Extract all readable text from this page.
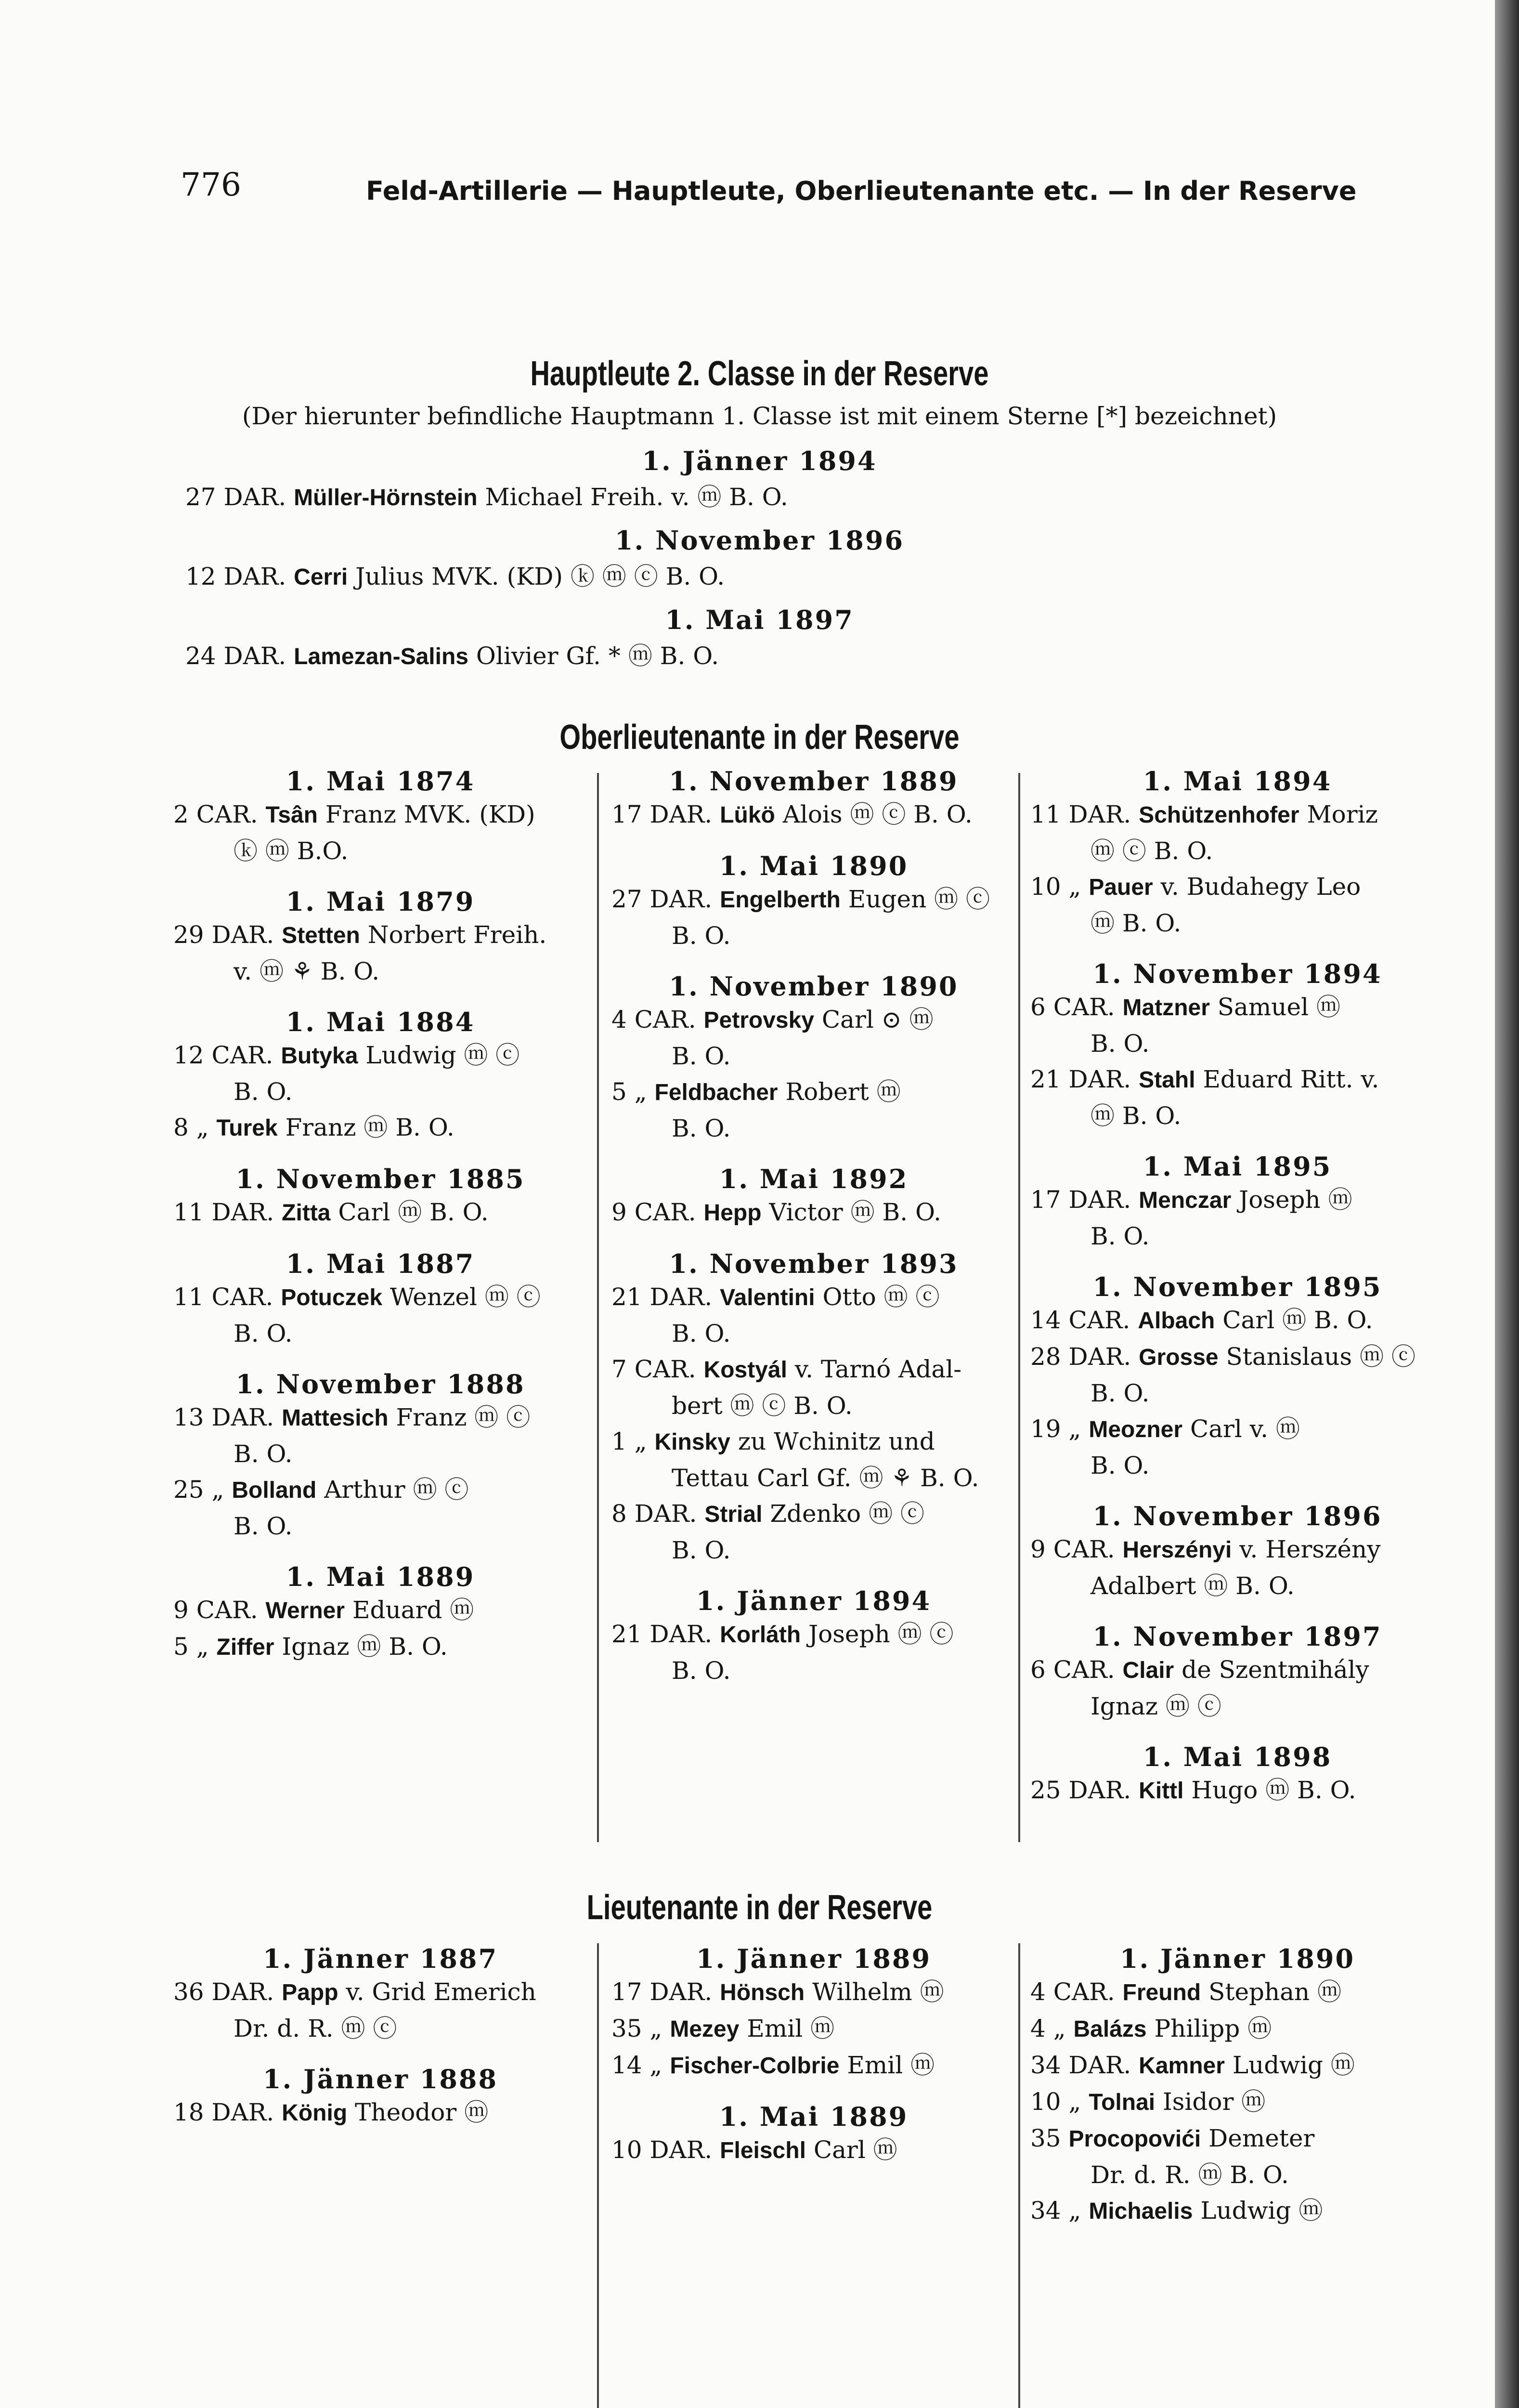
776	Feld-Artillerie — Hauptleute, Oberlieutenante etc. — In der Reserve
Hauptleute 2. Classe in der Reserve
(Der hierunter befindliche Hauptmann 1. Classe ist mit einem Sterne [*] bezeichnet)
1. Jänner 1894
27 DAR. Müller-Hörnstein Michael Freih. v. ⓜ B. O.
1. November 1896
12 DAR. Cerri Julius MVK. (KD) ⓚ ⓜ ⓒ B. O.
1. Mai 1897
24 DAR. Lamezan-Salins Olivier Gf. * ⓜ B. O.
Oberlieutenante in der Reserve
1. Mai 1874
2 CAR. Tsân Franz MVK. (KD)
ⓚ ⓜ B.O.
1. Mai 1879
29 DAR. Stetten Norbert Freih.
v. ⓜ ⚘ B. O.
1. Mai 1884
12 CAR. Butyka Ludwig ⓜ ⓒ
B. O.
8 „ Turek Franz ⓜ B. O.
1. November 1885
11 DAR. Zitta Carl ⓜ B. O.
1. Mai 1887
11 CAR. Potuczek Wenzel ⓜ ⓒ
B. O.
1. November 1888
13 DAR. Mattesich Franz ⓜ ⓒ
B. O.
25 „ Bolland Arthur ⓜ ⓒ
B. O.
1. Mai 1889
9 CAR. Werner Eduard ⓜ
5 „ Ziffer Ignaz ⓜ B. O.
1. November 1889
17 DAR. Lükö Alois ⓜ ⓒ B. O.
1. Mai 1890
27 DAR. Engelberth Eugen ⓜ ⓒ
B. O.
1. November 1890
4 CAR. Petrovsky Carl ⊙ ⓜ
B. O.
5 „ Feldbacher Robert ⓜ
B. O.
1. Mai 1892
9 CAR. Hepp Victor ⓜ B. O.
1. November 1893
21 DAR. Valentini Otto ⓜ ⓒ
B. O.
7 CAR. Kostyál v. Tarnó Adal-
bert ⓜ ⓒ B. O.
1 „ Kinsky zu Wchinitz und
Tettau Carl Gf. ⓜ ⚘ B. O.
8 DAR. Strial Zdenko ⓜ ⓒ
B. O.
1. Jänner 1894
21 DAR. Korláth Joseph ⓜ ⓒ
B. O.
1. Mai 1894
11 DAR. Schützenhofer Moriz
ⓜ ⓒ B. O.
10 „ Pauer v. Budahegy Leo
ⓜ B. O.
1. November 1894
6 CAR. Matzner Samuel ⓜ
B. O.
21 DAR. Stahl Eduard Ritt. v.
ⓜ B. O.
1. Mai 1895
17 DAR. Menczar Joseph ⓜ
B. O.
1. November 1895
14 CAR. Albach Carl ⓜ B. O.
28 DAR. Grosse Stanislaus ⓜ ⓒ
B. O.
19 „ Meozner Carl v. ⓜ
B. O.
1. November 1896
9 CAR. Herszényi v. Herszény
Adalbert ⓜ B. O.
1. November 1897
6 CAR. Clair de Szentmihály
Ignaz ⓜ ⓒ
1. Mai 1898
25 DAR. Kittl Hugo ⓜ B. O.
Lieutenante in der Reserve
1. Jänner 1887
36 DAR. Papp v. Grid Emerich
Dr. d. R. ⓜ ⓒ
1. Jänner 1888
18 DAR. König Theodor ⓜ
1. Jänner 1889
17 DAR. Hönsch Wilhelm ⓜ
35 „ Mezey Emil ⓜ
14 „ Fischer-Colbrie Emil ⓜ
1. Mai 1889
10 DAR. Fleischl Carl ⓜ
1. Jänner 1890
4 CAR. Freund Stephan ⓜ
4 „ Balázs Philipp ⓜ
34 DAR. Kamner Ludwig ⓜ
10 „ Tolnai Isidor ⓜ
35 Procopovići Demeter
Dr. d. R. ⓜ B. O.
34 „ Michaelis Ludwig ⓜ
